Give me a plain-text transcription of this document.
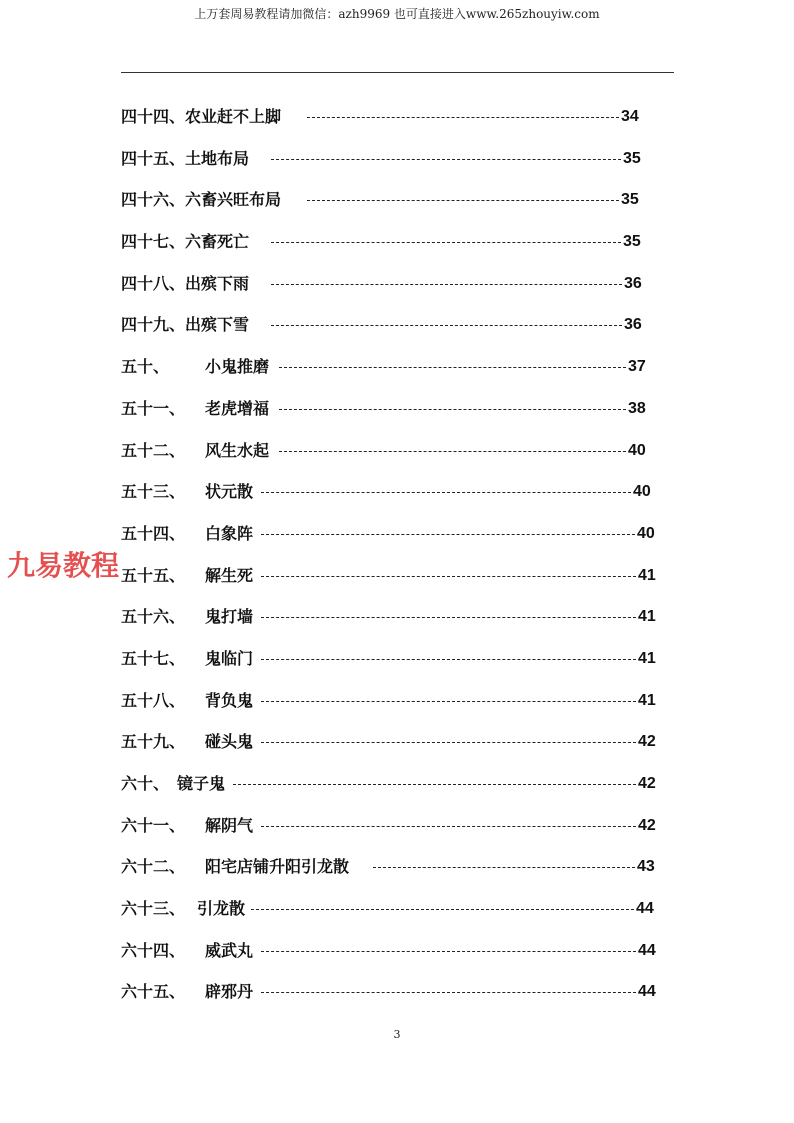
上万套周易教程请加微信：azh9969 也可直接进入www.265zhouyiw.com
四十四、 农业赶不上脚	34
四十五、 土地布局	35
四十六、 六畜兴旺布局	35
四十七、 六畜死亡	35
四十八、 出殡下雨	36
四十九、 出殡下雪	36
五十、 小鬼推磨	37
五十一、 老虎增福	38
五十二、 风生水起	40
五十三、 状元散	40
五十四、 白象阵	40
五十五、 解生死	41
五十六、 鬼打墙	41
五十七、 鬼临门	41
五十八、 背负鬼	41
五十九、 碰头鬼	42
六十、 镜子鬼	42
六十一、 解阴气	42
六十二、 阳宅店铺升阳引龙散	43
六十三、 引龙散	44
六十四、 威武丸	44
六十五、 辟邪丹	44
九易教程
3
